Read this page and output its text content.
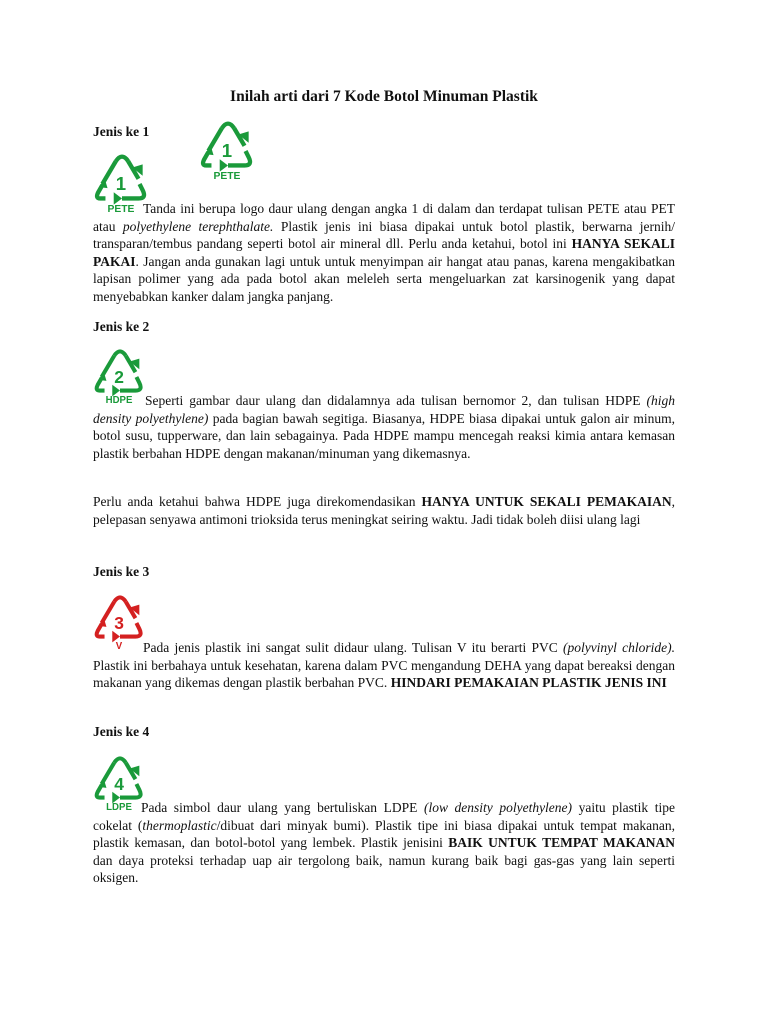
Inilah arti dari 7 Kode Botol Minuman Plastik
Jenis ke 1
1
PETE
1
PETE Tanda ini berupa logo daur ulang dengan angka 1 di dalam dan terdapat tulisan PETE atau PET atau polyethylene terephthalate. Plastik jenis ini biasa dipakai untuk botol plastik, berwarna jernih/ transparan/tembus pandang seperti botol air mineral dll. Perlu anda ketahui, botol ini HANYA SEKALI PAKAI. Jangan anda gunakan lagi untuk untuk menyimpan air hangat atau panas, karena mengakibatkan lapisan polimer yang ada pada botol akan meleleh serta mengeluarkan zat karsinogenik yang dapat menyebabkan kanker dalam jangka panjang.

Jenis ke 2
2
HDPE Seperti gambar daur ulang dan didalamnya ada tulisan bernomor 2, dan tulisan HDPE (high density polyethylene) pada bagian bawah segitiga. Biasanya, HDPE biasa dipakai untuk galon air minum, botol susu, tupperware, dan lain sebagainya. Pada HDPE mampu mencegah reaksi kimia antara kemasan plastik berbahan HDPE dengan makanan/minuman yang dikemasnya.

Perlu anda ketahui bahwa HDPE juga direkomendasikan HANYA UNTUK SEKALI PEMAKAIAN, pelepasan senyawa antimoni trioksida terus meningkat seiring waktu. Jadi tidak boleh diisi ulang lagi

Jenis ke 3
3
V	Pada jenis plastik ini sangat sulit didaur ulang. Tulisan V itu berarti PVC (polyvinyl chloride). Plastik ini berbahaya untuk kesehatan, karena dalam PVC mengandung DEHA yang dapat bereaksi dengan makanan yang dikemas dengan plastik berbahan PVC. HINDARI PEMAKAIAN PLASTIK JENIS INI

Jenis ke 4
4
LDPE Pada simbol daur ulang yang bertuliskan LDPE (low density polyethylene) yaitu plastik tipe cokelat (thermoplastic/dibuat dari minyak bumi). Plastik tipe ini biasa dipakai untuk tempat makanan, plastik kemasan, dan botol-botol yang lembek. Plastik jenisini BAIK UNTUK TEMPAT MAKANAN dan daya proteksi terhadap uap air tergolong baik, namun kurang baik bagi gas-gas yang lain seperti oksigen.
